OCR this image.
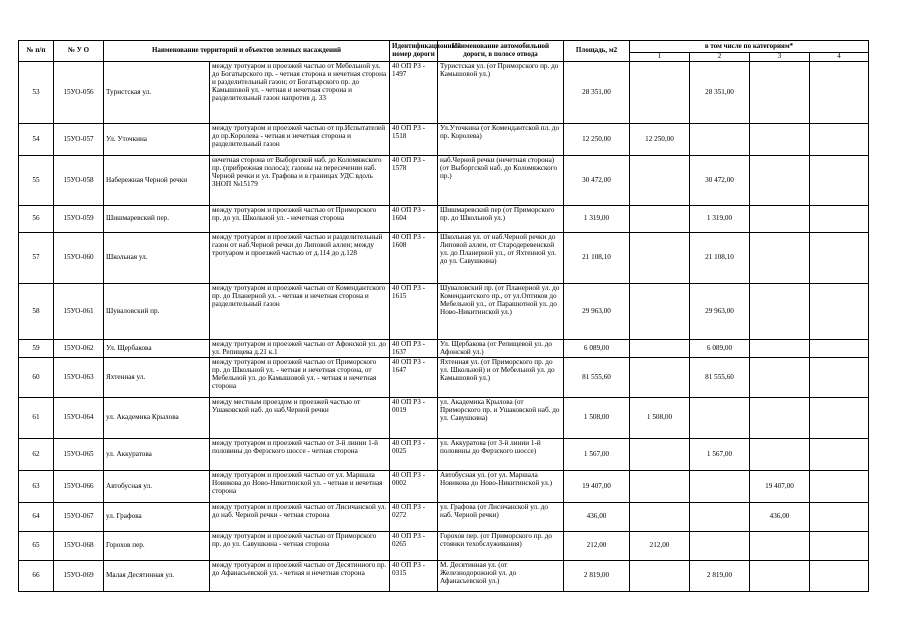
№ п/п	№ У О	Наименование территорий и объектов зеленых насаждений		Идентификационный номер дороги	Наименование автомобильной дороги, в полосе отвода	Площадь, м2	в том числе по категориям*			
							1	2	3	4
53	15УО-056	Туристская ул.	между тротуаром и проезжей частью от Мебельной ул. до Богатырского пр. - четная сторона и нечетная сторона и разделительный газон; от Богатырского пр. до Камышовой ул. - четная и нечетная сторона и разделительный газон напротив д. 33	40 ОП РЗ - 1497	Туристская ул. (от Приморского пр. до Камышовой ул.)	28 351,00		28 351,00		
54	15УО-057	Ул. Уточкина	между тротуаром и проезжей частью от пр.Испытателей до пр.Королева - четная и нечетная сторона и разделительный газон	40 ОП РЗ - 1518	Ул.Уточкина (от Комендантской пл. до пр. Королева)	12 250,00	12 250,00			
55	15УО-058	Набережная Черной речки	нечетная сторона от Выборгской наб. до Коломяжского пр. (прибрежная полоса); газоны на пересечении наб. Черной речки и ул. Графова и в границах УДС вдоль ЗНОП №15179	40 ОП РЗ - 1578	наб.Черной речки (нечетная сторона) (от Выборгской наб. до Коломяжского пр.)	30 472,00		30 472,00		
56	15УО-059	Шишмаревский пер.	между тротуаром и проезжей частью от Приморского пр. до ул. Школьной ул. - нечетная сторона	40 ОП РЗ - 1604	Шишмаревский пер (от Приморского пр. до Школьной ул.)	1 319,00		1 319,00		
57	15УО-060	Школьная ул.	между тротуаром и проезжей частью и разделительный газон от наб.Черной речки до Липовой аллеи; между тротуаром и проезжей частью от д.114 до д.128	40 ОП РЗ - 1608	Школьная ул. от наб.Черной речки до Липовой аллеи, от Стародеревенской ул. до Планерной ул., от Яхтенной ул. до ул. Савушкина)	21 108,10		21 108,10		
58	15УО-061	Шуваловский пр.	между тротуаром и проезжей частью от Комендантского пр. до Планерной ул. - четная и нечетная сторона и разделительный газон	40 ОП РЗ - 1615	Шуваловский пр. (от Планерной ул. до Комендантского пр., от ул.Оптиков до Мебельной ул., от Парашютной ул. до Ново-Никитинской ул.)	29 963,00		29 963,00		
59	15УО-062	Ул. Щербакова	между тротуаром и проезжей частью от Афонской ул. до ул. Репищева д.21 к.1	40 ОП РЗ - 1637	Ул. Щербакова (от Репищевой ул. до Афонской ул.)	6 089,00		6 089,00		
60	15УО-063	Яхтенная ул.	между тротуаром и проезжей частью от Приморского пр. до Школьной ул. - четная и нечетная сторона, от Мебельной ул. до Камышовой ул. - четная и нечетная сторона	40 ОП РЗ - 1647	Яхтенная ул. (от Приморского пр. до ул. Школьной) и от Мебельной ул. до Камышовой ул.)	81 555,60		81 555,60		
61	15УО-064	ул. Академика Крылова	между местным проездом и проезжей частью от Ушаковской наб. до наб.Черной речки	40 ОП РЗ - 0019	ул. Академика Крылова (от Приморского пр. и Ушаковской наб. до ул. Савушкина)	1 508,00	1 508,00			
62	15УО-065	ул. Аккуратова	между тротуаром и проезжей частью от 3-й линии 1-й половины до Ферзского шоссе - четная сторона	40 ОП РЗ - 0025	ул. Аккуратова (от 3-й линии 1-й половины до Ферзского шоссе)	1 567,00		1 567,00		
63	15УО-066	Автобусная ул.	между тротуаром и проезжей частью от ул. Маршала Новикова до Ново-Никитинской ул. - четная и нечетная сторона	40 ОП РЗ - 0002	Автобусная ул. (от ул. Маршала Новикова до Ново-Никитинской ул.)	19 407,00			19 407,00	
64	15УО-067	ул. Графова	между тротуаром и проезжей частью от Лисичанской ул. до наб. Черной речки - четная сторона	40 ОП РЗ - 0272	ул. Графова (от Лисичанской ул. до наб. Черной речки)	436,00			436,00	
65	15УО-068	Горохов пер.	между тротуаром и проезжей частью от Приморского пр. до ул. Савушкина - четная сторона	40 ОП РЗ - 0265	Горохов пер. (от Приморского пр. до стоянки техобслуживания)	212,00	212,00			
66	15УО-069	Малая Десятинная ул.	между тротуаром и проезжей частью от Десятинного пр. до Афанасьевской ул. - четная и нечетная сторона	40 ОП РЗ - 0315	М. Десятинная ул. (от Железнодорожной ул. до Афанасьевской ул.)	2 819,00		2 819,00		
